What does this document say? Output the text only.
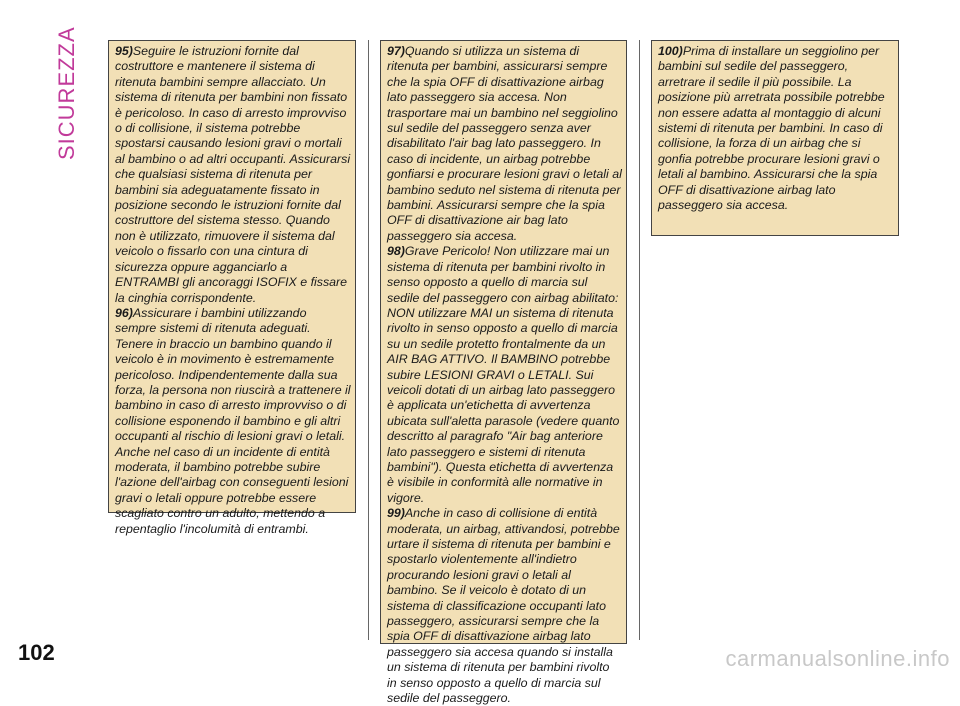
SICUREZZA	95)Seguire le istruzioni fornite dal costruttore e mantenere il sistema di ritenuta bambini sempre allacciato. Un sistema di ritenuta per bambini non fissato è pericoloso. In caso di arresto improvviso o di collisione, il sistema potrebbe spostarsi causando lesioni gravi o mortali al bambino o ad altri occupanti. Assicurarsi che qualsiasi sistema di ritenuta per bambini sia adeguatamente fissato in posizione secondo le istruzioni fornite dal costruttore del sistema stesso. Quando non è utilizzato, rimuovere il sistema dal veicolo o fissarlo con una cintura di sicurezza oppure agganciarlo a ENTRAMBI gli ancoraggi ISOFIX e fissare la cinghia corrispondente.

96)Assicurare i bambini utilizzando sempre sistemi di ritenuta adeguati. Tenere in braccio un bambino quando il veicolo è in movimento è estremamente pericoloso. Indipendentemente dalla sua forza, la persona non riuscirà a trattenere il bambino in caso di arresto improvviso o di collisione esponendo il bambino e gli altri occupanti al rischio di lesioni gravi o letali. Anche nel caso di un incidente di entità moderata, il bambino potrebbe subire l'azione dell'airbag con conseguenti lesioni gravi o letali oppure potrebbe essere scagliato contro un adulto, mettendo a repentaglio l'incolumità di entrambi.

97)Quando si utilizza un sistema di ritenuta per bambini, assicurarsi sempre che la spia OFF di disattivazione airbag lato passeggero sia accesa. Non trasportare mai un bambino nel seggiolino sul sedile del passeggero senza aver disabilitato l'air bag lato passeggero. In caso di incidente, un airbag potrebbe gonfiarsi e procurare lesioni gravi o letali al bambino seduto nel sistema di ritenuta per bambini. Assicurarsi sempre che la spia OFF di disattivazione air bag lato passeggero sia accesa.

98)Grave Pericolo! Non utilizzare mai un sistema di ritenuta per bambini rivolto in senso opposto a quello di marcia sul sedile del passeggero con airbag abilitato: NON utilizzare MAI un sistema di ritenuta rivolto in senso opposto a quello di marcia su un sedile protetto frontalmente da un AIR BAG ATTIVO. Il BAMBINO potrebbe subire LESIONI GRAVI o LETALI. Sui veicoli dotati di un airbag lato passeggero è applicata un'etichetta di avvertenza ubicata sull'aletta parasole (vedere quanto descritto al paragrafo "Air bag anteriore lato passeggero e sistemi di ritenuta bambini"). Questa etichetta di avvertenza è visibile in conformità alle normative in vigore.

99)Anche in caso di collisione di entità moderata, un airbag, attivandosi, potrebbe urtare il sistema di ritenuta per bambini e spostarlo violentemente all'indietro procurando lesioni gravi o letali al bambino. Se il veicolo è dotato di un sistema di classificazione occupanti lato passeggero, assicurarsi sempre che la spia OFF di disattivazione airbag lato passeggero sia accesa quando si installa un sistema di ritenuta per bambini rivolto in senso opposto a quello di marcia sul sedile del passeggero.

100)Prima di installare un seggiolino per bambini sul sedile del passeggero, arretrare il sedile il più possibile. La posizione più arretrata possibile potrebbe non essere adatta al montaggio di alcuni sistemi di ritenuta per bambini. In caso di collisione, la forza di un airbag che si gonfia potrebbe procurare lesioni gravi o letali al bambino. Assicurarsi che la spia OFF di disattivazione airbag lato passeggero sia accesa.

102	carmanualsonline.info
